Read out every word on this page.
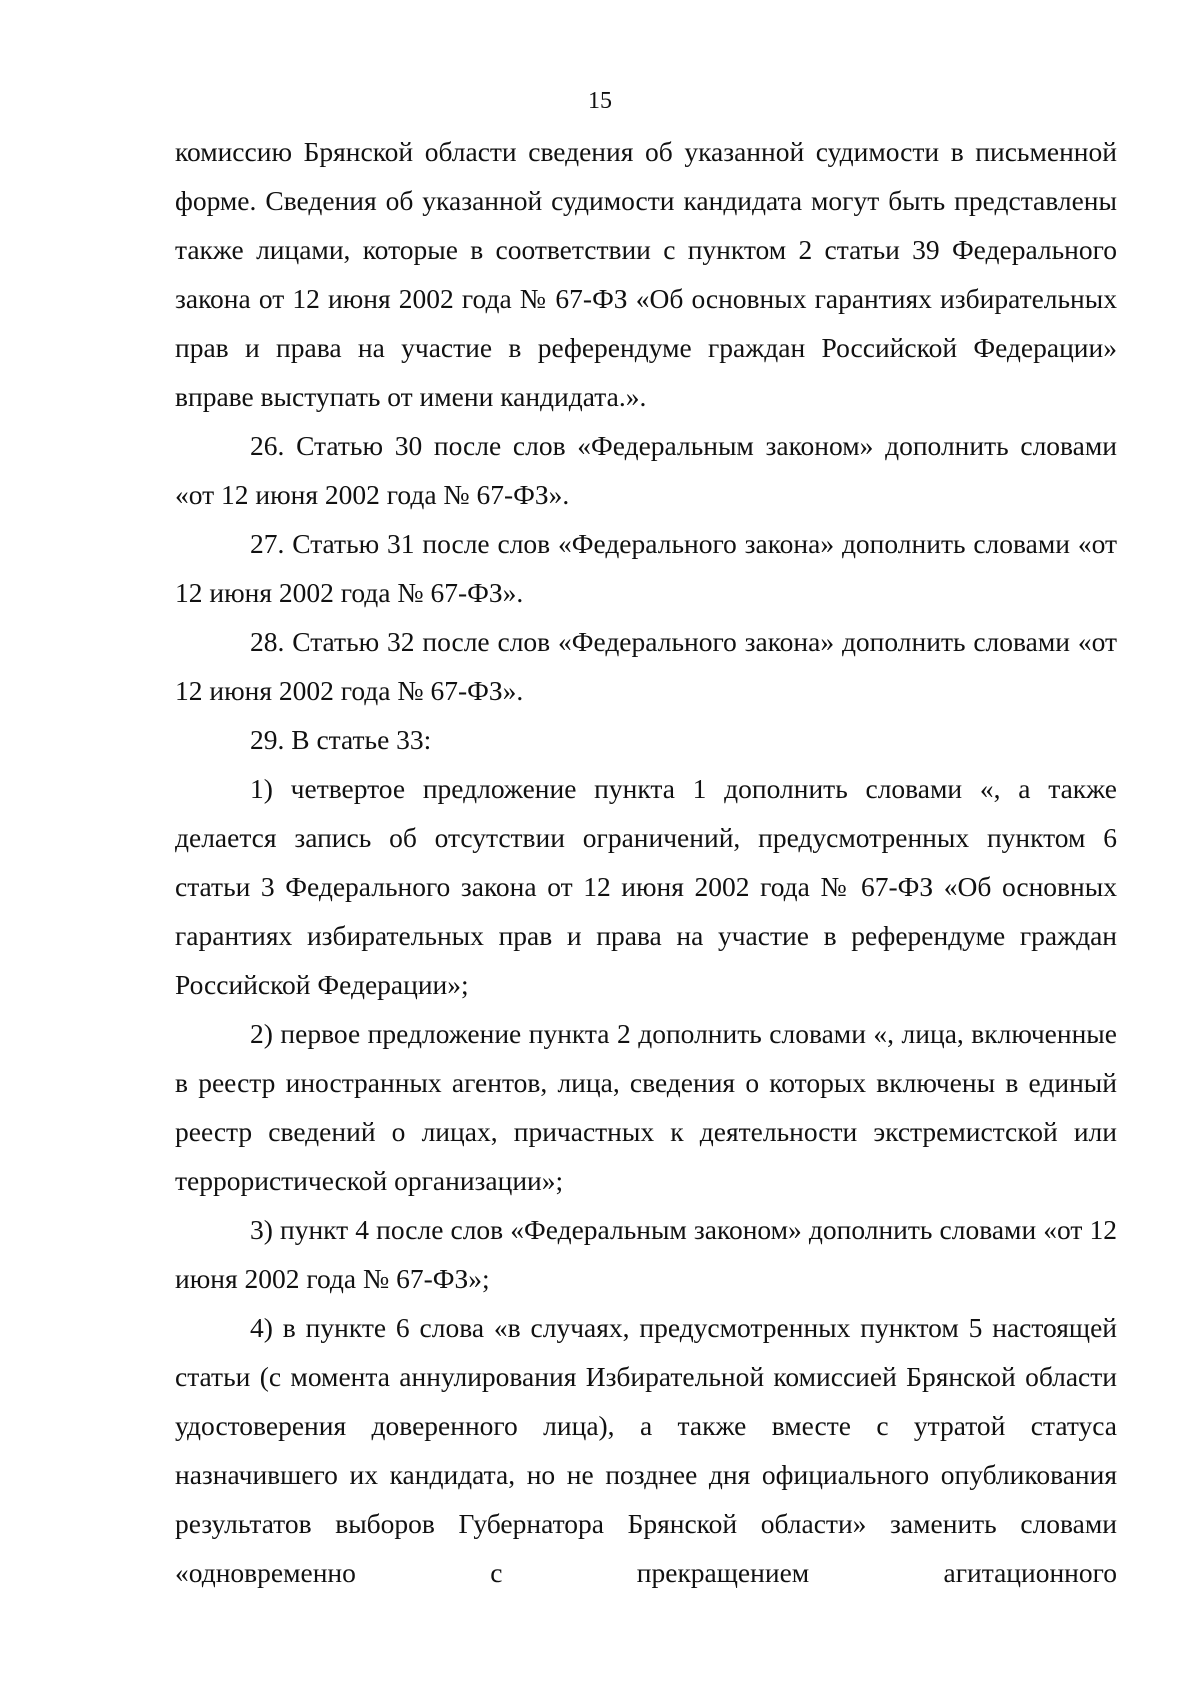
15

комиссию Брянской области сведения об указанной судимости в письменной форме. Сведения об указанной судимости кандидата могут быть представлены также лицами, которые в соответствии с пунктом 2 статьи 39 Федерального закона от 12 июня 2002 года № 67-ФЗ «Об основных гарантиях избирательных прав и права на участие в референдуме граждан Российской Федерации» вправе выступать от имени кандидата.».

26. Статью 30 после слов «Федеральным законом» дополнить словами «от 12 июня 2002 года № 67-ФЗ».

27. Статью 31 после слов «Федерального закона» дополнить словами «от 12 июня 2002 года № 67-ФЗ».

28. Статью 32 после слов «Федерального закона» дополнить словами «от 12 июня 2002 года № 67-ФЗ».

29. В статье 33:

1) четвертое предложение пункта 1 дополнить словами «, а также делается запись об отсутствии ограничений, предусмотренных пунктом 6 статьи 3 Федерального закона от 12 июня 2002 года № 67-ФЗ «Об основных гарантиях избирательных прав и права на участие в референдуме граждан Российской Федерации»;

2) первое предложение пункта 2 дополнить словами «, лица, включенные в реестр иностранных агентов, лица, сведения о которых включены в единый реестр сведений о лицах, причастных к деятельности экстремистской или террористической организации»;

3) пункт 4 после слов «Федеральным законом» дополнить словами «от 12 июня 2002 года № 67-ФЗ»;

4) в пункте 6 слова «в случаях, предусмотренных пунктом 5 настоящей статьи (с момента аннулирования Избирательной комиссией Брянской области удостоверения доверенного лица), а также вместе с утратой статуса назначившего их кандидата, но не позднее дня официального опубликования результатов выборов Губернатора Брянской области» заменить словами «одновременно с прекращением агитационного
